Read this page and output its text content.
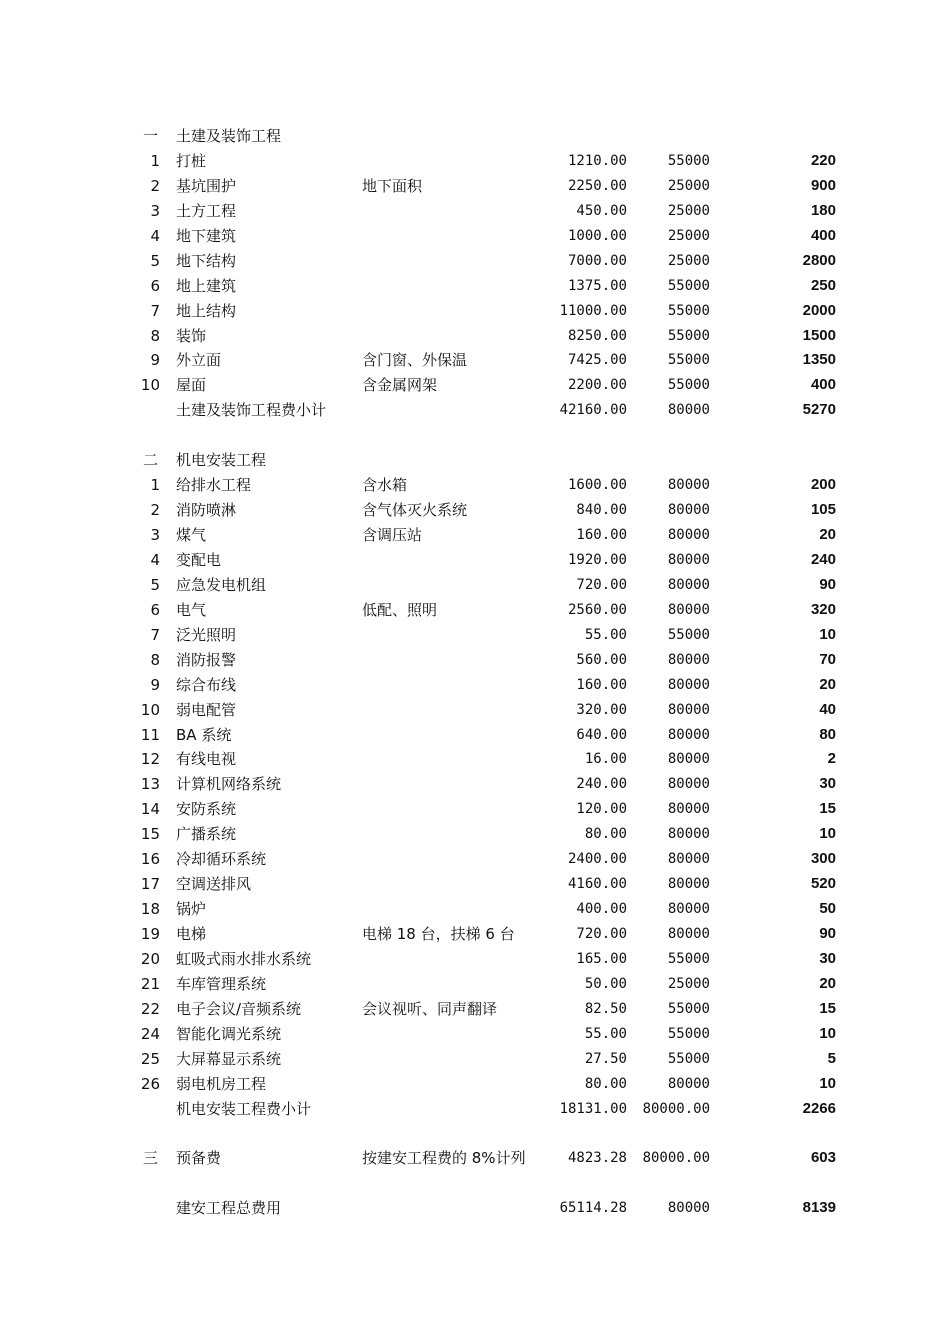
一	土建及装饰工程
1 打桩	1210.00	55000	220
2 基坑围护	地下面积	2250.00	25000	900
3 土方工程	450.00	25000	180
4 地下建筑	1000.00	25000	400
5 地下结构	7000.00	25000	2800
6 地上建筑	1375.00	55000	250
7 地上结构	11000.00	55000	2000
8 装饰	8250.00	55000	1500
9 外立面	含门窗、外保温	7425.00	55000	1350
10 屋面	含金属网架	2200.00	55000	400
土建及装饰工程费小计	42160.00	80000	5270
二	机电安装工程
1 给排水工程	含水箱	1600.00	80000	200
2 消防喷淋	含气体灭火系统	840.00	80000	105
3 煤气	含调压站	160.00	80000	20
4 变配电	1920.00	80000	240
5 应急发电机组	720.00	80000	90
6 电气	低配、照明	2560.00	80000	320
7 泛光照明	55.00	55000	10
8 消防报警	560.00	80000	70
9 综合布线	160.00	80000	20
10 弱电配管	320.00	80000	40
11 BA 系统	640.00	80000	80
12 有线电视	16.00	80000	2
13 计算机网络系统	240.00	80000	30
14 安防系统	120.00	80000	15
15 广播系统	80.00	80000	10
16 冷却循环系统	2400.00	80000	300
17 空调送排风	4160.00	80000	520
18 锅炉	400.00	80000	50
19 电梯	电梯 18 台，扶梯 6 台	720.00	80000	90
20 虹吸式雨水排水系统	165.00	55000	30
21 车库管理系统	50.00	25000	20
22 电子会议/音频系统	会议视听、同声翻译	82.50	55000	15
24 智能化调光系统	55.00	55000	10
25 大屏幕显示系统	27.50	55000	5
26 弱电机房工程	80.00	80000	10
机电安装工程费小计	18131.00 80000.00	2266
三	预备费	按建安工程费的 8%计列	4823.28 80000.00	603
建安工程总费用	65114.28	80000	8139
